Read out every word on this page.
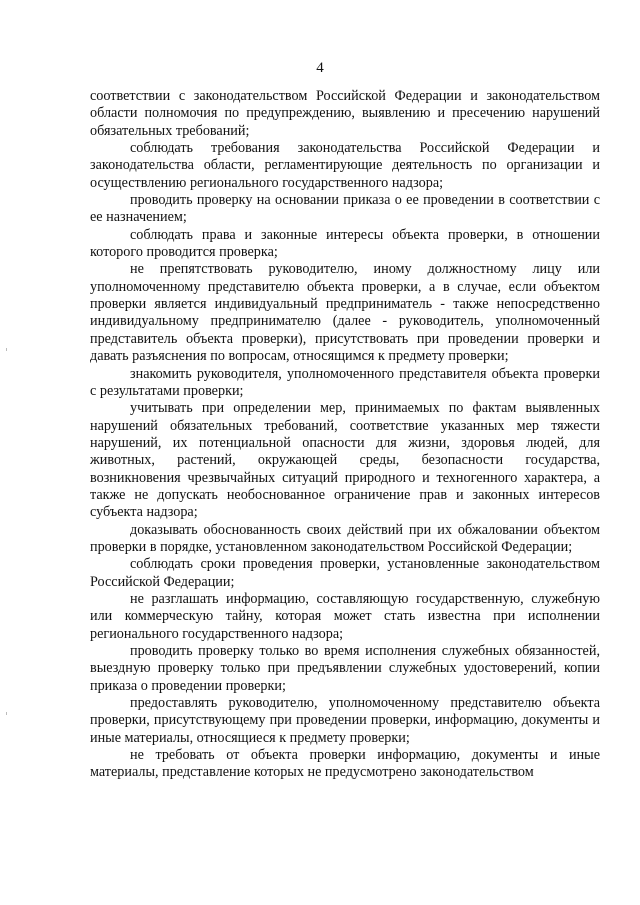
4

соответствии с законодательством Российской Федерации и законодательством области полномочия по предупреждению, выявлению и пресечению нарушений обязательных требований;

соблюдать требования законодательства Российской Федерации и законодательства области, регламентирующие деятельность по организации и осуществлению регионального государственного надзора;

проводить проверку на основании приказа о ее проведении в соответствии с ее назначением;

соблюдать права и законные интересы объекта проверки, в отношении которого проводится проверка;

не препятствовать руководителю, иному должностному лицу или уполномоченному представителю объекта проверки, а в случае, если объектом проверки является индивидуальный предприниматель - также непосредственно индивидуальному предпринимателю (далее - руководитель, уполномоченный представитель объекта проверки), присутствовать при проведении проверки и давать разъяснения по вопросам, относящимся к предмету проверки;

знакомить руководителя, уполномоченного представителя объекта проверки с результатами проверки;

учитывать при определении мер, принимаемых по фактам выявленных нарушений обязательных требований, соответствие указанных мер тяжести нарушений, их потенциальной опасности для жизни, здоровья людей, для животных, растений, окружающей среды, безопасности государства, возникновения чрезвычайных ситуаций природного и техногенного характера, а также не допускать необоснованное ограничение прав и законных интересов субъекта надзора;

доказывать обоснованность своих действий при их обжаловании объектом проверки в порядке, установленном законодательством Российской Федерации;

соблюдать сроки проведения проверки, установленные законодательством Российской Федерации;

не разглашать информацию, составляющую государственную, служебную или коммерческую тайну, которая может стать известна при исполнении регионального государственного надзора;

проводить проверку только во время исполнения служебных обязанностей, выездную проверку только при предъявлении служебных удостоверений, копии приказа о проведении проверки;

предоставлять руководителю, уполномоченному представителю объекта проверки, присутствующему при проведении проверки, информацию, документы и иные материалы, относящиеся к предмету проверки;

не требовать от объекта проверки информацию, документы и иные материалы, представление которых не предусмотрено законодательством
